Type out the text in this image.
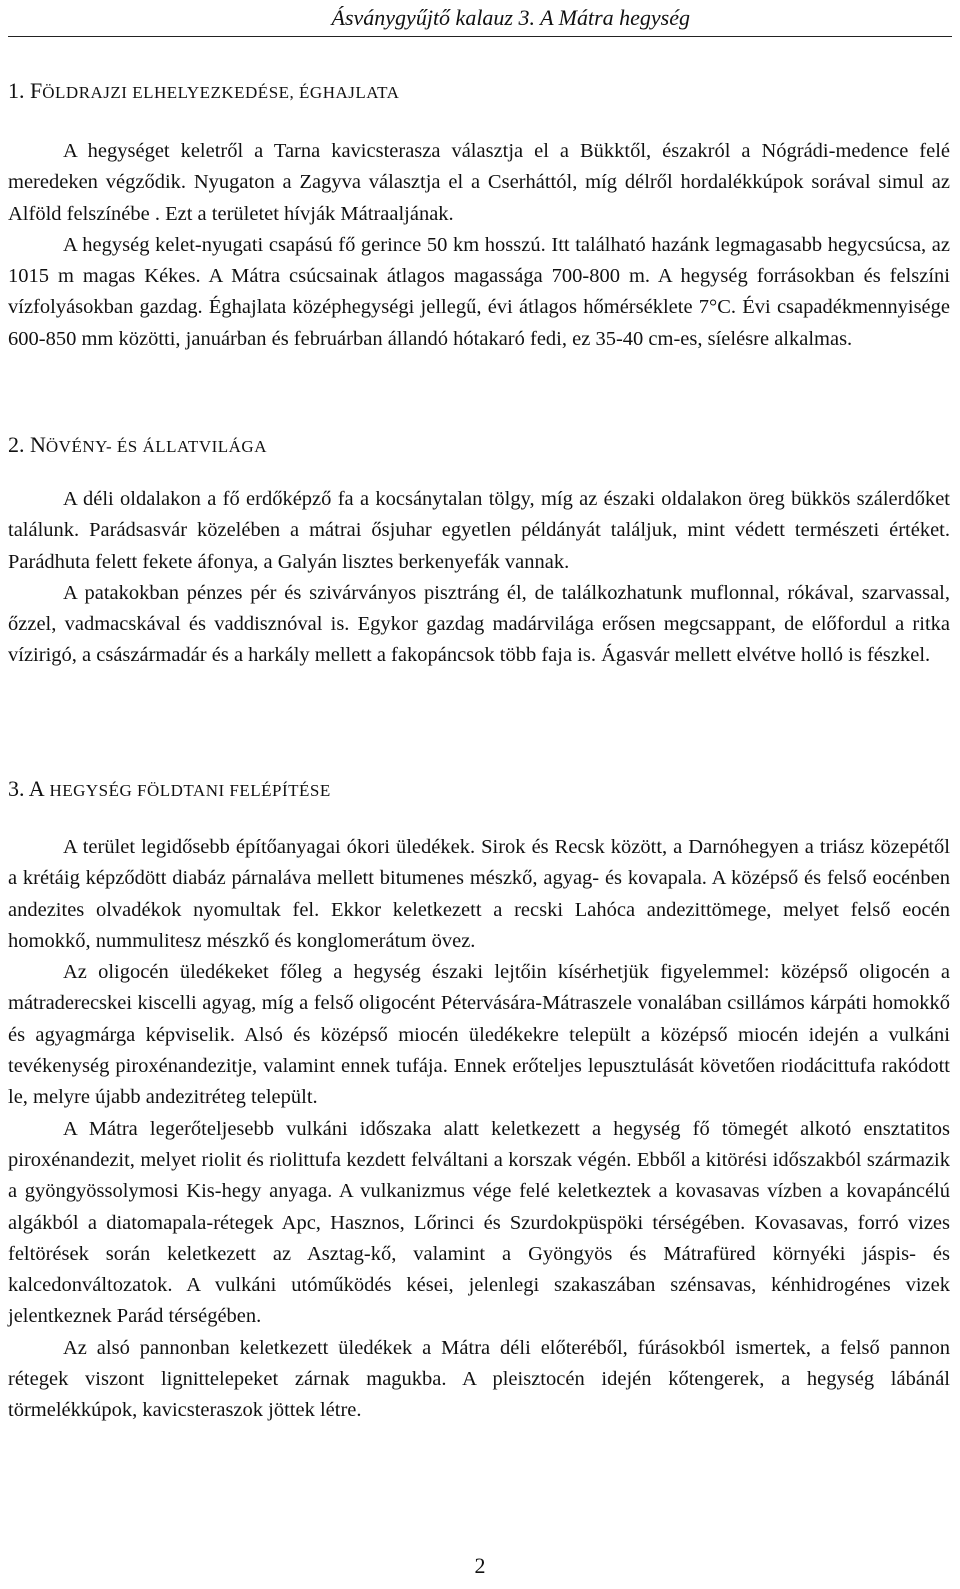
Ásványgyűjtő kalauz 3. A Mátra hegység
1. FÖLDRAJZI ELHELYEZKEDÉSE, ÉGHAJLATA

A hegységet keletről a Tarna kavicsteraszа választja el a Bükktől, északról a Nógrádi-medence felé meredeken végződik. Nyugaton a Zagyva választja el a Cserháttól, míg délről hordalékkúpok sorával simul az Alföld felszínébe . Ezt a területet hívják Mátraaljának.

A hegység kelet-nyugati csapású fő gerince 50 km hosszú. Itt található hazánk legmagasabb hegycsúcsa, az 1015 m magas Kékes. A Mátra csúcsainak átlagos magassága 700-800 m. A hegység forrásokban és felszíni vízfolyásokban gazdag. Éghajlata középhegységi jellegű, évi átlagos hőmérséklete 7°C. Évi csapadékmennyisége 600-850 mm közötti, januárban és februárban állandó hótakaró fedi, ez 35-40 cm-es, síelésre alkalmas.

2. NÖVÉNY- ÉS ÁLLATVILÁGA

A déli oldalakon a fő erdőképző fa a kocsánytalan tölgy, míg az északi oldalakon öreg bükkös szálerdőket találunk. Parádsasvár közelében a mátrai ősjuhar egyetlen példányát találjuk, mint védett természeti értéket. Parádhuta felett fekete áfonya, a Galyán lisztes berkenyefák vannak.

A patakokban pénzes pér és szivárványos pisztráng él, de találkozhatunk muflonnal, rókával, szarvassal, őzzel, vadmacskával és vaddisznóval is. Egykor gazdag madárvilága erősen megcsappant, de előfordul a ritka vízirigó, a császármadár és a harkály mellett a fakopáncsok több faja is. Ágasvár mellett elvétve holló is fészkel.

3. A HEGYSÉG FÖLDTANI FELÉPÍTÉSE

A terület legidősebb építőanyagai ókori üledékek. Sirok és Recsk között, a Darnóhegyen a triász közepétől a krétáig képződött diabáz párnaláva mellett bitumenes mészkő, agyag- és kovapala. A középső és felső eocénben andezites olvadékok nyomultak fel. Ekkor keletkezett a recski Lahóca andezittömege, melyet felső eocén homokkő, nummulitesz mészkő és konglomerátum övez.

Az oligocén üledékeket főleg a hegység északi lejtőin kísérhetjük figyelemmel: középső oligocén a mátraderecskei kiscelli agyag, míg a felső oligocént Pétervására-Mátraszele vonalában csillámos kárpáti homokkő és agyagmárga képviselik. Alsó és középső miocén üledékekre települt a középső miocén idején a vulkáni tevékenység piroxénandezitje, valamint ennek tufája. Ennek erőteljes lepusztulását követően riodácittufa rakódott le, melyre újabb andezitréteg települt.

A Mátra legerőteljesebb vulkáni időszaka alatt keletkezett a hegység fő tömegét alkotó ensztatitos piroxénandezit, melyet riolit és riolittufa kezdett felváltani a korszak végén. Ebből a kitörési időszakból származik a gyöngyössolymosi Kis-hegy anyaga. A vulkanizmus vége felé keletkeztek a kovasavas vízben a kovapáncélú algákból a diatomapala-rétegek Apc, Hasznos, Lőrinci és Szurdokpüspöki térségében. Kovasavas, forró vizes feltörések során keletkezett az Asztag-kő, valamint a Gyöngyös és Mátrafüred környéki jáspis- és kalcedonváltozatok. A vulkáni utóműködés kései, jelenlegi szakaszában szénsavas, kénhidrogénes vizek jelentkeznek Parád térségében.

Az alsó pannonban keletkezett üledékek a Mátra déli előteréből, fúrásokból ismertek, a felső pannon rétegek viszont lignittelepeket zárnak magukba. A pleisztocén idején kőtengerek, a hegység lábánál törmelékkúpok, kavicsteraszok jöttek létre.

2
